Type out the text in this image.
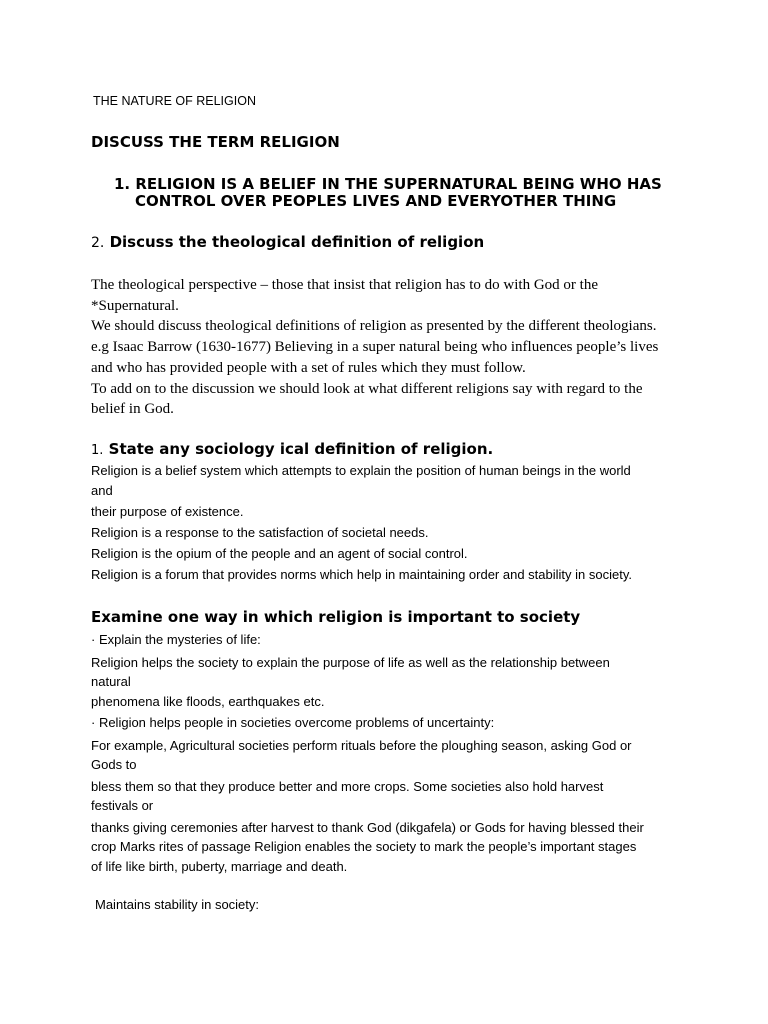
THE NATURE OF RELIGION

DISCUSS THE TERM RELIGION

1. RELIGION IS A BELIEF IN THE SUPERNATURAL BEING WHO HAS

CONTROL OVER PEOPLES LIVES AND EVERYOTHER THING

2. Discuss the theological definition of religion
The theological perspective – those that insist that religion has to do with God or the
*Supernatural.
We should discuss theological definitions of religion as presented by the different theologians.
e.g Isaac Barrow (1630-1677) Believing in a super natural being who influences people’s lives
and who has provided people with a set of rules which they must follow.
To add on to the discussion we should look at what different religions say with regard to the
belief in God.
1. State any sociology ical definition of religion.
Religion is a belief system which attempts to explain the position of human beings in the world
and
their purpose of existence.
Religion is a response to the satisfaction of societal needs.
Religion is the opium of the people and an agent of social control.
Religion is a forum that provides norms which help in maintaining order and stability in society.

Examine one way in which religion is important to society

· Explain the mysteries of life:
Religion helps the society to explain the purpose of life as well as the relationship between
natural
phenomena like floods, earthquakes etc.
· Religion helps people in societies overcome problems of uncertainty:
For example, Agricultural societies perform rituals before the ploughing season, asking God or
Gods to
bless them so that they produce better and more crops. Some societies also hold harvest
festivals or
thanks giving ceremonies after harvest to thank God (dikgafela) or Gods for having blessed their
crop Marks rites of passage Religion enables the society to mark the people’s important stages
of life like birth, puberty, marriage and death.

Maintains stability in society:
